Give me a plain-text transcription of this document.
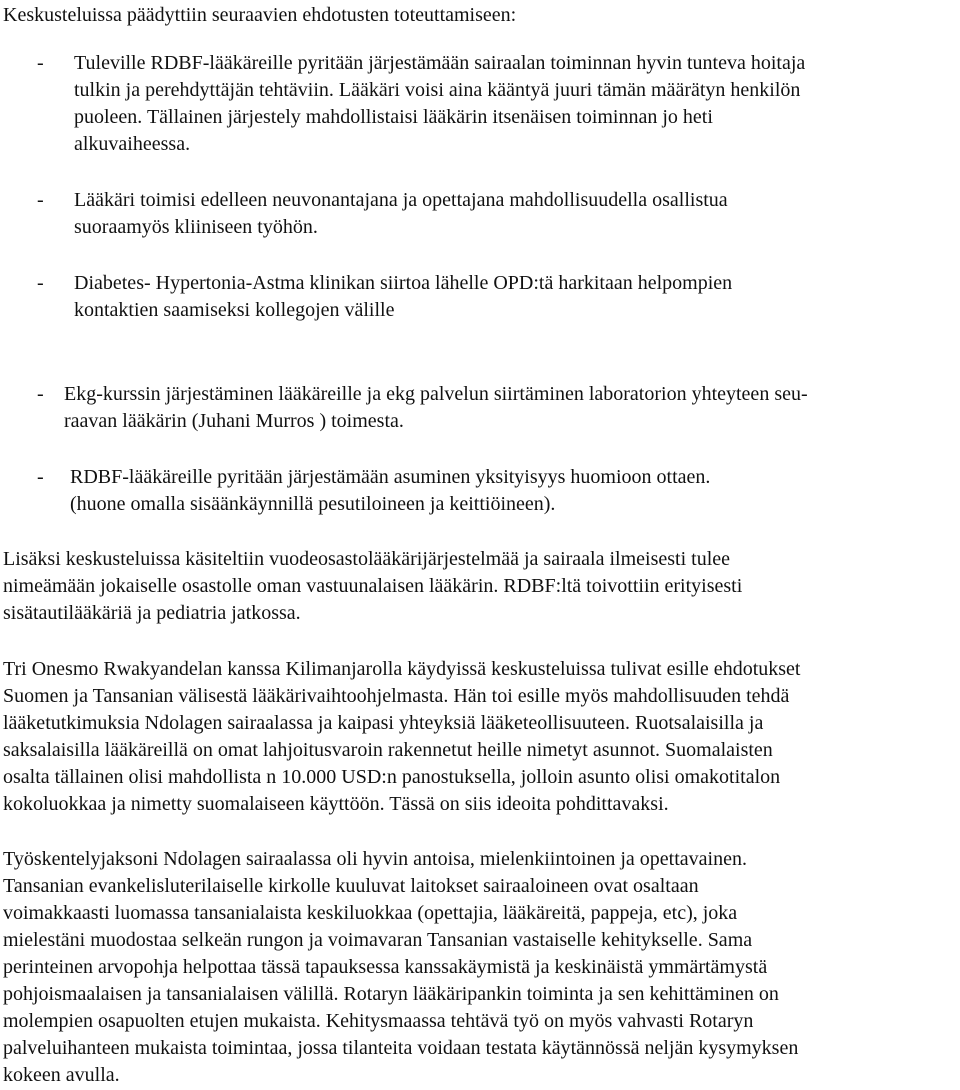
Keskusteluissa päädyttiin seuraavien ehdotusten toteuttamiseen:

- Tuleville RDBF-lääkäreille pyritään järjestämään sairaalan toiminnan hyvin tunteva hoitaja
tulkin ja perehdyttäjän tehtäviin. Lääkäri voisi aina kääntyä juuri tämän määrätyn henkilön
puoleen. Tällainen järjestely mahdollistaisi lääkärin itsenäisen toiminnan jo heti
alkuvaiheessa.
- Lääkäri toimisi edelleen neuvonantajana ja opettajana mahdollisuudella osallistua
suoraamyös kliiniseen työhön.
- Diabetes- Hypertonia-Astma klinikan siirtoa lähelle OPD:tä harkitaan helpompien
kontaktien saamiseksi kollegojen välille
- Ekg-kurssin järjestäminen lääkäreille ja ekg palvelun siirtäminen laboratorion yhteyteen seu-
raavan lääkärin (Juhani Murros ) toimesta.
- RDBF-lääkäreille pyritään järjestämään asuminen yksityisyys huomioon ottaen.
(huone omalla sisäänkäynnillä pesutiloineen ja keittiöineen).

Lisäksi keskusteluissa käsiteltiin vuodeosastolääkärijärjestelmää ja sairaala ilmeisesti tulee
nimeämään jokaiselle osastolle oman vastuunalaisen lääkärin. RDBF:ltä toivottiin erityisesti
sisätautilääkäriä ja pediatria jatkossa.

Tri Onesmo Rwakyandelan kanssa Kilimanjarolla käydyissä keskusteluissa tulivat esille ehdotukset
Suomen ja Tansanian välisestä lääkärivaihtoohjelmasta. Hän toi esille myös mahdollisuuden tehdä
lääketutkimuksia Ndolagen sairaalassa ja kaipasi yhteyksiä lääketeollisuuteen. Ruotsalaisilla ja
saksalaisilla lääkäreillä on omat lahjoitusvaroin rakennetut heille nimetyt asunnot. Suomalaisten
osalta tällainen olisi mahdollista n 10.000 USD:n panostuksella, jolloin asunto olisi omakotitalon
kokoluokkaa ja nimetty suomalaiseen käyttöön. Tässä on siis ideoita pohdittavaksi.

Työskentelyjaksoni Ndolagen sairaalassa oli hyvin antoisa, mielenkiintoinen ja opettavainen.
Tansanian evankelisluterilaiselle kirkolle kuuluvat laitokset sairaaloineen ovat osaltaan
voimakkaasti luomassa tansanialaista keskiluokkaa (opettajia, lääkäreitä, pappeja, etc), joka
mielestäni muodostaa selkeän rungon ja voimavaran Tansanian vastaiselle kehitykselle. Sama
perinteinen arvopohja helpottaa tässä tapauksessa kanssakäymistä ja keskinäistä ymmärtämystä
pohjoismaalaisen ja tansanialaisen välillä. Rotaryn lääkäripankin toiminta ja sen kehittäminen on
molempien osapuolten etujen mukaista. Kehitysmaassa tehtävä työ on myös vahvasti Rotaryn
palveluihanteen mukaista toimintaa, jossa tilanteita voidaan testata käytännössä neljän kysymyksen
kokeen avulla.
